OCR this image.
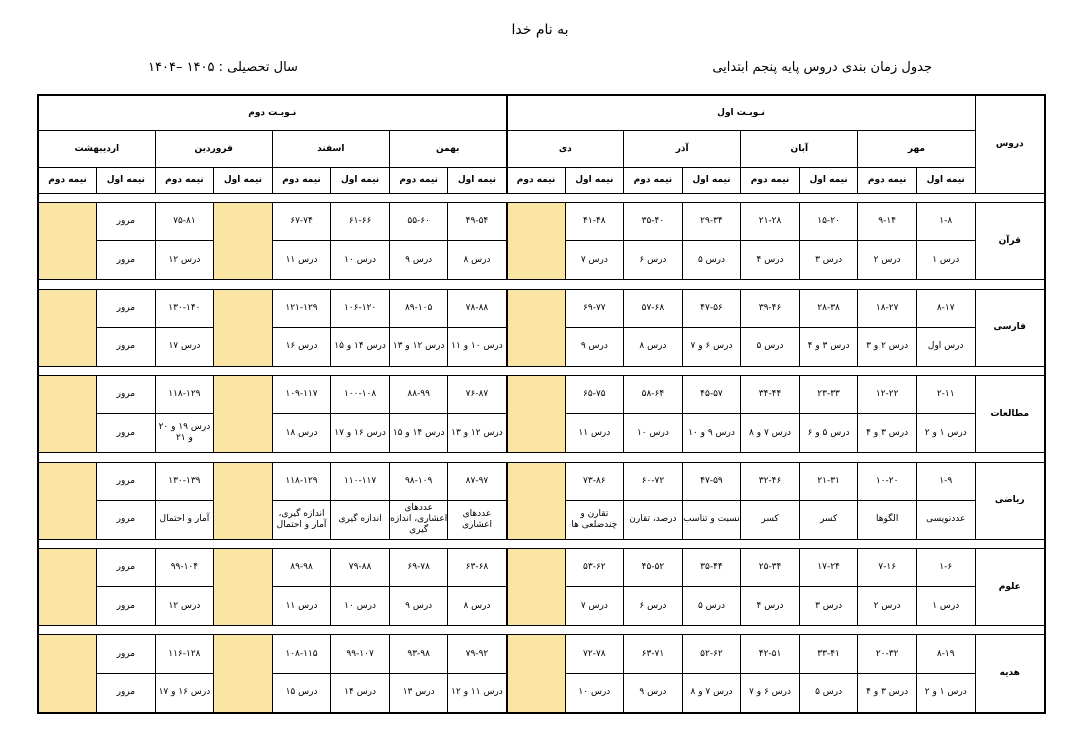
به نام خدا
جدول زمان بندی دروس پایه پنجم ابتدایی
سال تحصیلی : ۱۴۰۵ –۱۴۰۴
دروس	نـوبـت اول								نـوبـت دوم							
	مهر		آبان		آذر		دی		بهمن		اسفند		فروردین		اردیبهشت	
	نیمه اول	نیمه دوم	نیمه اول	نیمه دوم	نیمه اول	نیمه دوم	نیمه اول	نیمه دوم	نیمه اول	نیمه دوم	نیمه اول	نیمه دوم	نیمه اول	نیمه دوم	نیمه اول	نیمه دوم

قرآن	۱-۸	۹-۱۴	۱۵-۲۰	۲۱-۲۸	۲۹-۳۴	۳۵-۴۰	۴۱-۴۸		۴۹-۵۴	۵۵-۶۰	۶۱-۶۶	۶۷-۷۴		۷۵-۸۱	مرور	
	درس ۱	درس ۲	درس ۳	درس ۴	درس ۵	درس ۶	درس ۷		درس ۸	درس ۹	درس ۱۰	درس ۱۱		درس ۱۲	مرور	

فارسی	۸-۱۷	۱۸-۲۷	۲۸-۳۸	۳۹-۴۶	۴۷-۵۶	۵۷-۶۸	۶۹-۷۷		۷۸-۸۸	۸۹-۱۰۵	۱۰۶-۱۲۰	۱۲۱-۱۲۹		۱۳۰-۱۴۰	مرور	
	درس اول	درس ۲ و ۳	درس ۳ و ۴	درس ۵	درس ۶ و ۷	درس ۸	درس ۹		درس ۱۰ و ۱۱	درس ۱۲ و ۱۳	درس ۱۴ و ۱۵	درس ۱۶		درس ۱۷	مرور	

مطالعات	۲-۱۱	۱۲-۲۲	۲۳-۳۳	۳۴-۴۴	۴۵-۵۷	۵۸-۶۴	۶۵-۷۵		۷۶-۸۷	۸۸-۹۹	۱۰۰-۱۰۸	۱۰۹-۱۱۷		۱۱۸-۱۲۹	مرور	
	درس ۱ و ۲	درس ۳ و ۴	درس ۵ و ۶	درس ۷ و ۸	درس ۹ و ۱۰	درس ۱۰	درس ۱۱		درس ۱۲ و ۱۳	درس ۱۴ و ۱۵	درس ۱۶ و ۱۷	درس ۱۸		درس ۱۹ و ۲۰ و ۲۱	مرور	

ریاضی	۱-۹	۱۰-۲۰	۲۱-۳۱	۳۲-۴۶	۴۷-۵۹	۶۰-۷۲	۷۳-۸۶		۸۷-۹۷	۹۸-۱۰۹	۱۱۰-۱۱۷	۱۱۸-۱۲۹		۱۳۰-۱۳۹	مرور	
	عددنویسی	الگوها	کسر	کسر	نسبت و تناسب	درصد، تقارن	تقارن و چندضلعی ها		عددهای اعشاری	عددهای اعشاری، اندازه گیری	اندازه گیری	اندازه گیری، آمار و احتمال		آمار و احتمال	مرور	

علوم	۱-۶	۷-۱۶	۱۷-۲۴	۲۵-۳۴	۳۵-۴۴	۴۵-۵۲	۵۳-۶۲		۶۳-۶۸	۶۹-۷۸	۷۹-۸۸	۸۹-۹۸		۹۹-۱۰۴	مرور	
	درس ۱	درس ۲	درس ۳	درس ۴	درس ۵	درس ۶	درس ۷		درس ۸	درس ۹	درس ۱۰	درس ۱۱		درس ۱۲	مرور	

هدیه	۸-۱۹	۲۰-۳۲	۳۳-۴۱	۴۲-۵۱	۵۲-۶۲	۶۳-۷۱	۷۲-۷۸		۷۹-۹۲	۹۳-۹۸	۹۹-۱۰۷	۱۰۸-۱۱۵		۱۱۶-۱۲۸	مرور	
	درس ۱ و ۲	درس ۳ و ۴	درس ۵	درس ۶ و ۷	درس ۷ و ۸	درس ۹	درس ۱۰		درس ۱۱ و ۱۲	درس ۱۳	درس ۱۴	درس ۱۵		درس ۱۶ و ۱۷	مرور	
